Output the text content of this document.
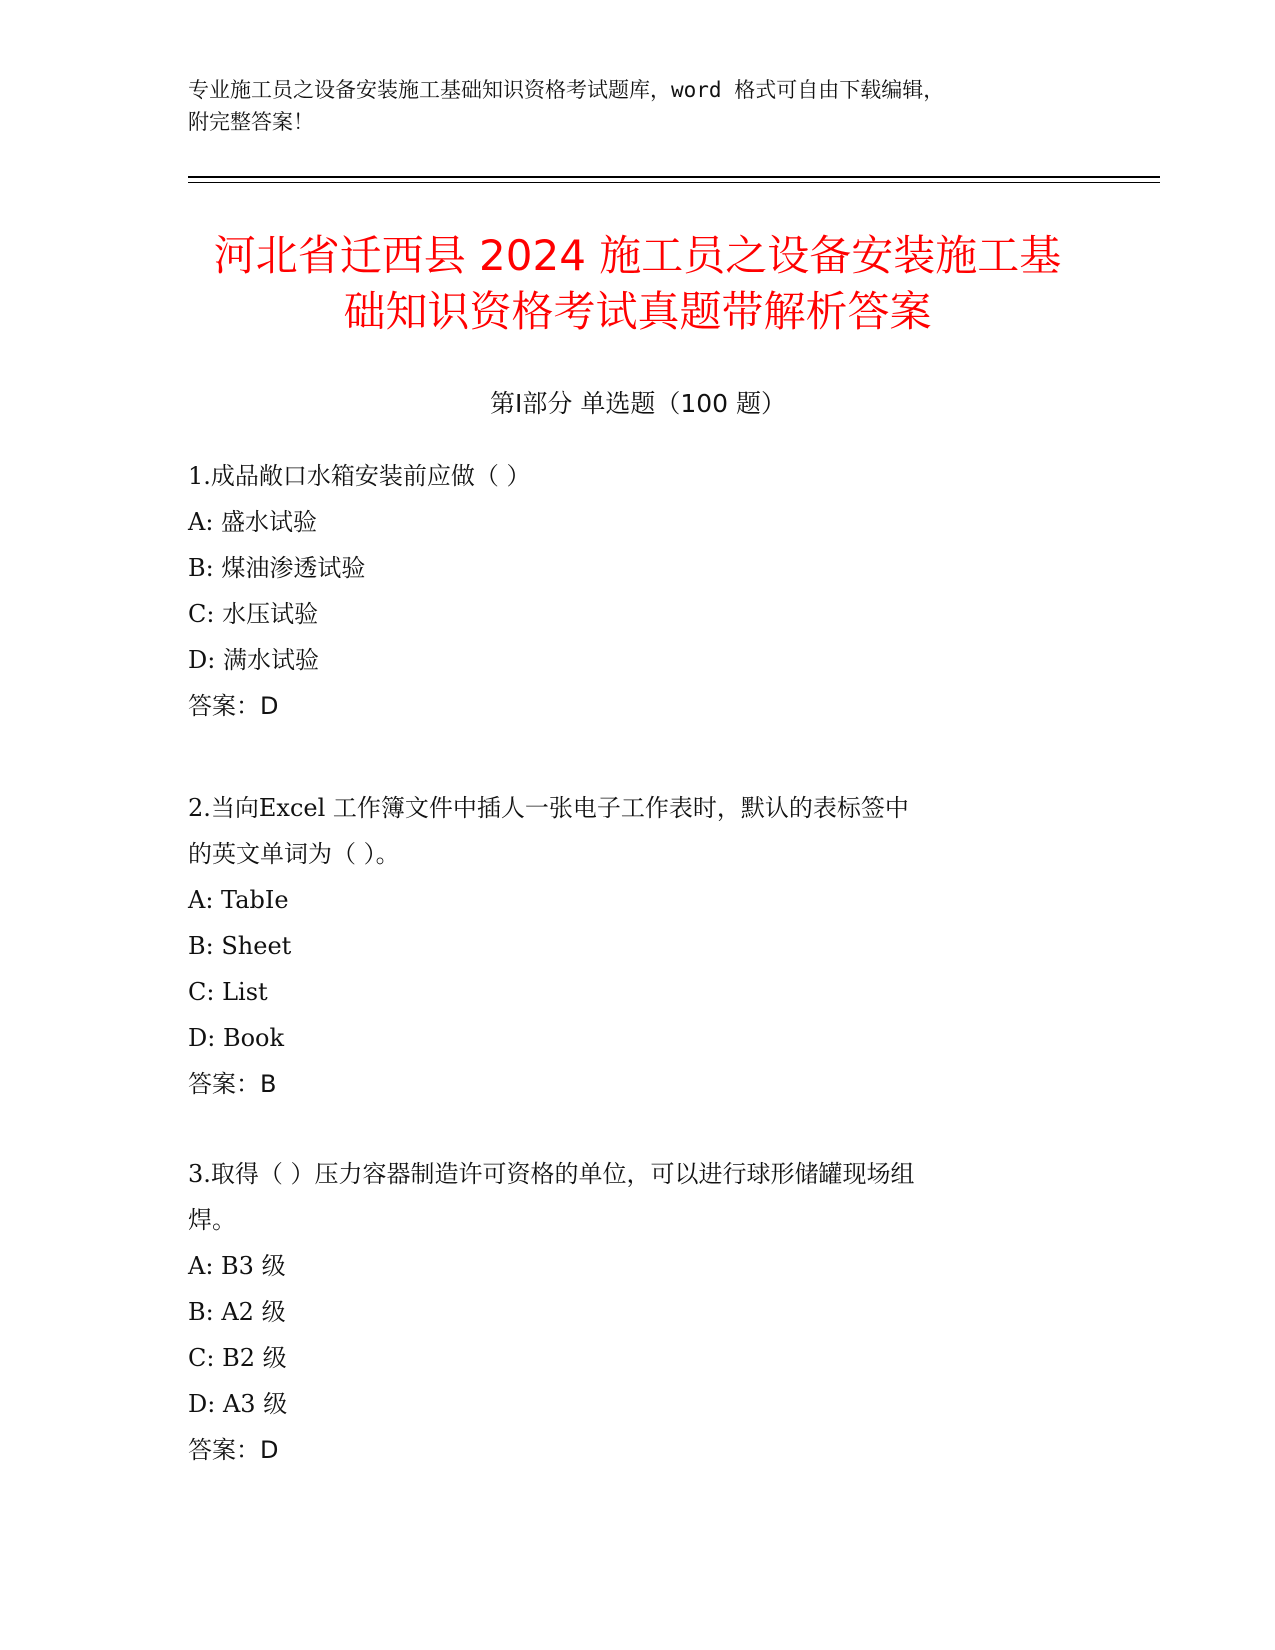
专业施工员之设备安装施工基础知识资格考试题库，word 格式可自由下载编辑，
附完整答案！
河北省迁西县 2024 施工员之设备安装施工基
础知识资格考试真题带解析答案
第Ⅰ部分 单选题（100 题）
1.成品敞口水箱安装前应做（ ）
A: 盛水试验
B: 煤油渗透试验
C: 水压试验
D: 满水试验
答案：D
2.当向Excel 工作簿文件中插人一张电子工作表时，默认的表标签中
的英文单词为（ ）。
A: TabIe
B: Sheet
C: List
D: Book
答案：B
3.取得（ ）压力容器制造许可资格的单位，可以进行球形储罐现场组
焊。
A: B3 级
B: A2 级
C: B2 级
D: A3 级
答案：D
